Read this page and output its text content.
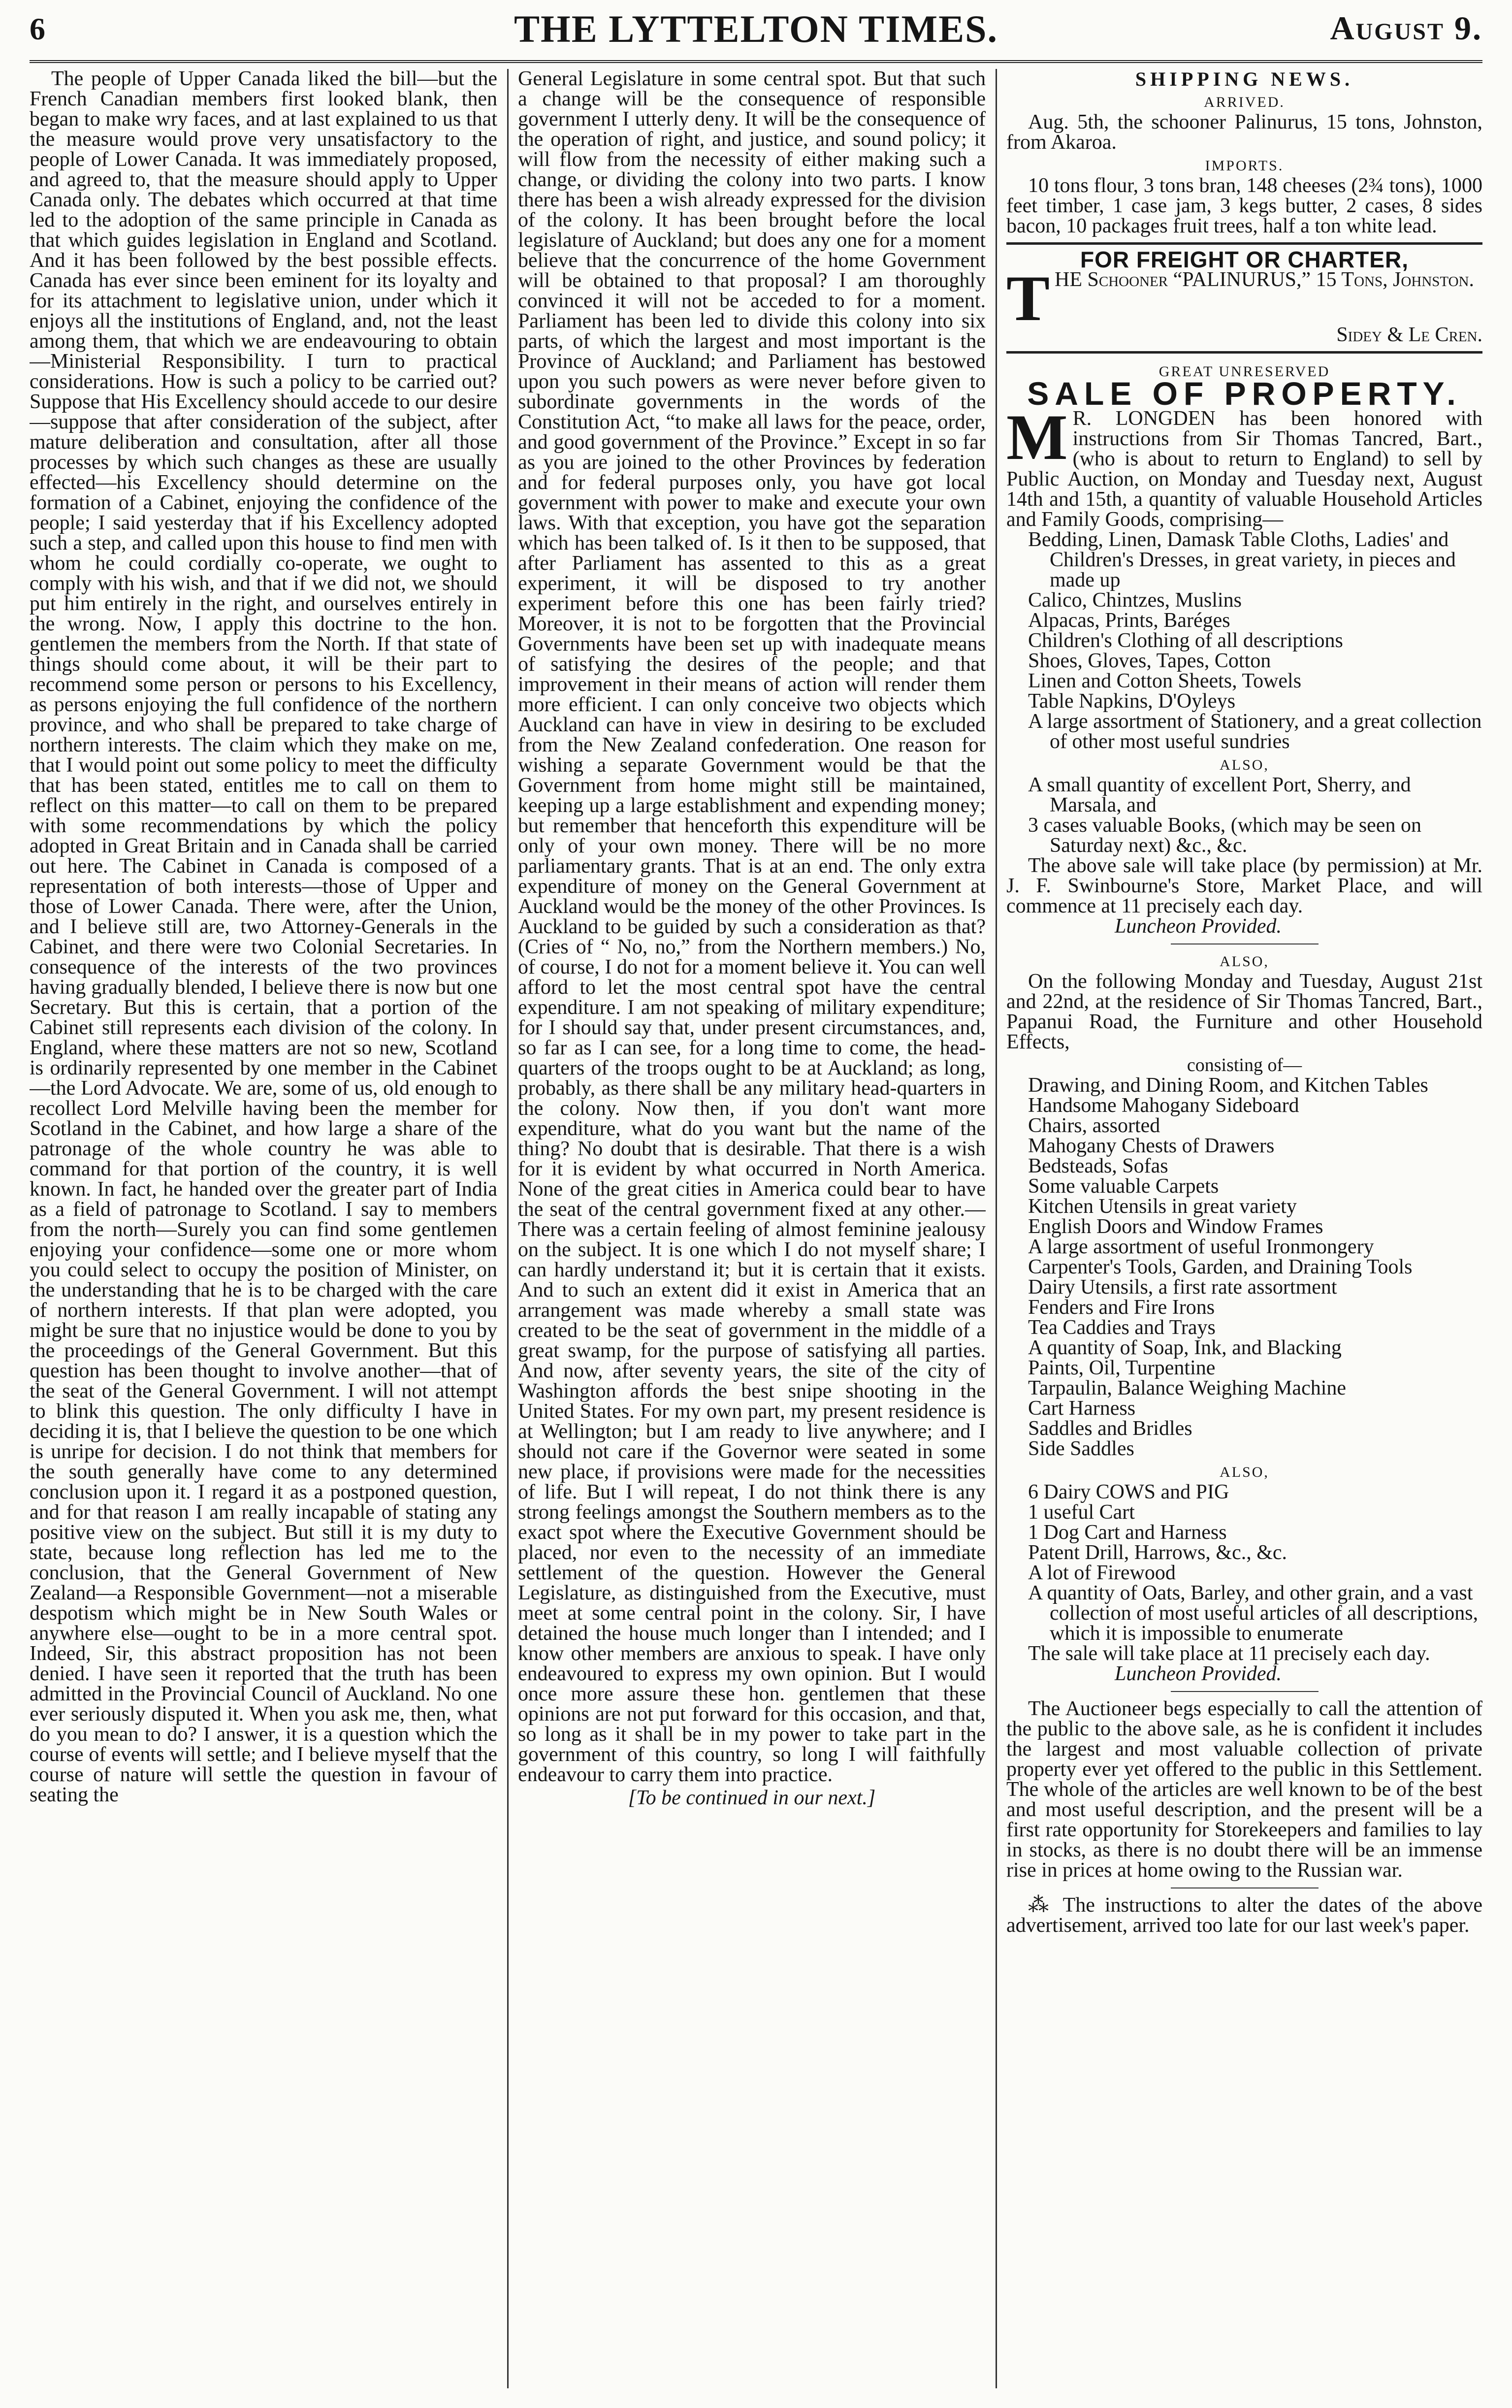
6	THE LYTTELTON TIMES.	August 9.

The people of Upper Canada liked the bill—but the French Canadian members first looked blank, then began to make wry faces, and at last explained to us that the measure would prove very unsatisfactory to the people of Lower Canada. It was immediately proposed, and agreed to, that the measure should apply to Upper Canada only. The debates which occurred at that time led to the adoption of the same principle in Canada as that which guides legislation in England and Scotland. And it has been followed by the best possible effects. Canada has ever since been eminent for its loyalty and for its attachment to legislative union, under which it enjoys all the institutions of England, and, not the least among them, that which we are endeavouring to obtain—Ministerial Responsibility. I turn to practical considerations. How is such a policy to be carried out? Suppose that His Excellency should accede to our desire—suppose that after consideration of the subject, after mature deliberation and consultation, after all those processes by which such changes as these are usually effected—his Excellency should determine on the formation of a Cabinet, enjoying the confidence of the people; I said yesterday that if his Excellency adopted such a step, and called upon this house to find men with whom he could cordially co-operate, we ought to comply with his wish, and that if we did not, we should put him entirely in the right, and ourselves entirely in the wrong. Now, I apply this doctrine to the hon. gentlemen the members from the North. If that state of things should come about, it will be their part to recommend some person or persons to his Excellency, as persons enjoying the full confidence of the northern province, and who shall be prepared to take charge of northern interests. The claim which they make on me, that I would point out some policy to meet the difficulty that has been stated, entitles me to call on them to reflect on this matter—to call on them to be prepared with some recommendations by which the policy adopted in Great Britain and in Canada shall be carried out here. The Cabinet in Canada is composed of a representation of both interests—those of Upper and those of Lower Canada. There were, after the Union, and I believe still are, two Attorney-Generals in the Cabinet, and there were two Colonial Secretaries. In consequence of the interests of the two provinces having gradually blended, I believe there is now but one Secretary. But this is certain, that a portion of the Cabinet still represents each division of the colony. In England, where these matters are not so new, Scotland is ordinarily represented by one member in the Cabinet—the Lord Advocate. We are, some of us, old enough to recollect Lord Melville having been the member for Scotland in the Cabinet, and how large a share of the patronage of the whole country he was able to command for that portion of the country, it is well known. In fact, he handed over the greater part of India as a field of patronage to Scotland. I say to members from the north—Surely you can find some gentlemen enjoying your confidence—some one or more whom you could select to occupy the position of Minister, on the understanding that he is to be charged with the care of northern interests. If that plan were adopted, you might be sure that no injustice would be done to you by the proceedings of the General Government. But this question has been thought to involve another—that of the seat of the General Government. I will not attempt to blink this question. The only difficulty I have in deciding it is, that I believe the question to be one which is unripe for decision. I do not think that members for the south generally have come to any determined conclusion upon it. I regard it as a postponed question, and for that reason I am really incapable of stating any positive view on the subject. But still it is my duty to state, because long reflection has led me to the conclusion, that the General Government of New Zealand—a Responsible Government—not a miserable despotism which might be in New South Wales or anywhere else—ought to be in a more central spot. Indeed, Sir, this abstract proposition has not been denied. I have seen it reported that the truth has been admitted in the Provincial Council of Auckland. No one ever seriously disputed it. When you ask me, then, what do you mean to do? I answer, it is a question which the course of events will settle; and I believe myself that the course of nature will settle the question in favour of seating the

General Legislature in some central spot. But that such a change will be the consequence of responsible government I utterly deny. It will be the consequence of the operation of right, and justice, and sound policy; it will flow from the necessity of either making such a change, or dividing the colony into two parts. I know there has been a wish already expressed for the division of the colony. It has been brought before the local legislature of Auckland; but does any one for a moment believe that the concurrence of the home Government will be obtained to that proposal? I am thoroughly convinced it will not be acceded to for a moment. Parliament has been led to divide this colony into six parts, of which the largest and most important is the Province of Auckland; and Parliament has bestowed upon you such powers as were never before given to subordinate governments in the words of the Constitution Act, “to make all laws for the peace, order, and good government of the Province.” Except in so far as you are joined to the other Provinces by federation and for federal purposes only, you have got local government with power to make and execute your own laws. With that exception, you have got the separation which has been talked of. Is it then to be supposed, that after Parliament has assented to this as a great experiment, it will be disposed to try another experiment before this one has been fairly tried? Moreover, it is not to be forgotten that the Provincial Governments have been set up with inadequate means of satisfying the desires of the people; and that improvement in their means of action will render them more efficient. I can only conceive two objects which Auckland can have in view in desiring to be excluded from the New Zealand confederation. One reason for wishing a separate Government would be that the Government from home might still be maintained, keeping up a large establishment and expending money; but remember that henceforth this expenditure will be only of your own money. There will be no more parliamentary grants. That is at an end. The only extra expenditure of money on the General Government at Auckland would be the money of the other Provinces. Is Auckland to be guided by such a consideration as that? (Cries of “ No, no,” from the Northern members.) No, of course, I do not for a moment believe it. You can well afford to let the most central spot have the central expenditure. I am not speaking of military expenditure; for I should say that, under present circumstances, and, so far as I can see, for a long time to come, the head-quarters of the troops ought to be at Auckland; as long, probably, as there shall be any military head-quarters in the colony. Now then, if you don't want more expenditure, what do you want but the name of the thing? No doubt that is desirable. That there is a wish for it is evident by what occurred in North America. None of the great cities in America could bear to have the seat of the central government fixed at any other.—There was a certain feeling of almost feminine jealousy on the subject. It is one which I do not myself share; I can hardly understand it; but it is certain that it exists. And to such an extent did it exist in America that an arrangement was made whereby a small state was created to be the seat of government in the middle of a great swamp, for the purpose of satisfying all parties. And now, after seventy years, the site of the city of Washington affords the best snipe shooting in the United States. For my own part, my present residence is at Wellington; but I am ready to live anywhere; and I should not care if the Governor were seated in some new place, if provisions were made for the necessities of life. But I will repeat, I do not think there is any strong feelings amongst the Southern members as to the exact spot where the Executive Government should be placed, nor even to the necessity of an immediate settlement of the question. However the General Legislature, as distinguished from the Executive, must meet at some central point in the colony. Sir, I have detained the house much longer than I intended; and I know other members are anxious to speak. I have only endeavoured to express my own opinion. But I would once more assure these hon. gentlemen that these opinions are not put forward for this occasion, and that, so long as it shall be in my power to take part in the government of this country, so long I will faithfully endeavour to carry them into practice.

[To be continued in our next.]

SHIPPING NEWS.
ARRIVED.

Aug. 5th, the schooner Palinurus, 15 tons, Johnston, from Akaroa.

IMPORTS.

10 tons flour, 3 tons bran, 148 cheeses (2¾ tons), 1000 feet timber, 1 case jam, 3 kegs butter, 2 cases, 8 sides bacon, 10 packages fruit trees, half a ton white lead.

FOR FREIGHT OR CHARTER,

T HE Schooner “PALINURUS,” 15 Tons, Johnston.

Sidey & Le Cren.

GREAT UNRESERVED
SALE OF PROPERTY.

M R. LONGDEN has been honored with instructions from Sir Thomas Tancred, Bart., (who is about to return to England) to sell by Public Auction, on Monday and Tuesday next, August 14th and 15th, a quantity of valuable Household Articles and Family Goods, comprising—

Bedding, Linen, Damask Table Cloths, Ladies' and Children's Dresses, in great variety, in pieces and made up
Calico, Chintzes, Muslins
Alpacas, Prints, Baréges
Children's Clothing of all descriptions
Shoes, Gloves, Tapes, Cotton
Linen and Cotton Sheets, Towels
Table Napkins, D'Oyleys
A large assortment of Stationery, and a great collection of other most useful sundries
ALSO,
A small quantity of excellent Port, Sherry, and Marsala, and
3 cases valuable Books, (which may be seen on Saturday next) &c., &c.

The above sale will take place (by permission) at Mr. J. F. Swinbourne's Store, Market Place, and will commence at 11 precisely each day.

Luncheon Provided.

ALSO,

On the following Monday and Tuesday, August 21st and 22nd, at the residence of Sir Thomas Tancred, Bart., Papanui Road, the Furniture and other Household Effects,

consisting of—
Drawing, and Dining Room, and Kitchen Tables
Handsome Mahogany Sideboard
Chairs, assorted
Mahogany Chests of Drawers
Bedsteads, Sofas
Some valuable Carpets
Kitchen Utensils in great variety
English Doors and Window Frames
A large assortment of useful Ironmongery
Carpenter's Tools, Garden, and Draining Tools
Dairy Utensils, a first rate assortment
Fenders and Fire Irons
Tea Caddies and Trays
A quantity of Soap, Ink, and Blacking
Paints, Oil, Turpentine
Tarpaulin, Balance Weighing Machine
Cart Harness
Saddles and Bridles
Side Saddles
ALSO,
6 Dairy COWS and PIG
1 useful Cart
1 Dog Cart and Harness
Patent Drill, Harrows, &c., &c.
A lot of Firewood
A quantity of Oats, Barley, and other grain, and a vast collection of most useful articles of all descriptions, which it is impossible to enumerate

The sale will take place at 11 precisely each day.

Luncheon Provided.

The Auctioneer begs especially to call the attention of the public to the above sale, as he is confident it includes the largest and most valuable collection of private property ever yet offered to the public in this Settlement. The whole of the articles are well known to be of the best and most useful description, and the present will be a first rate opportunity for Storekeepers and families to lay in stocks, as there is no doubt there will be an immense rise in prices at home owing to the Russian war.

⁂ The instructions to alter the dates of the above advertisement, arrived too late for our last week's paper.
